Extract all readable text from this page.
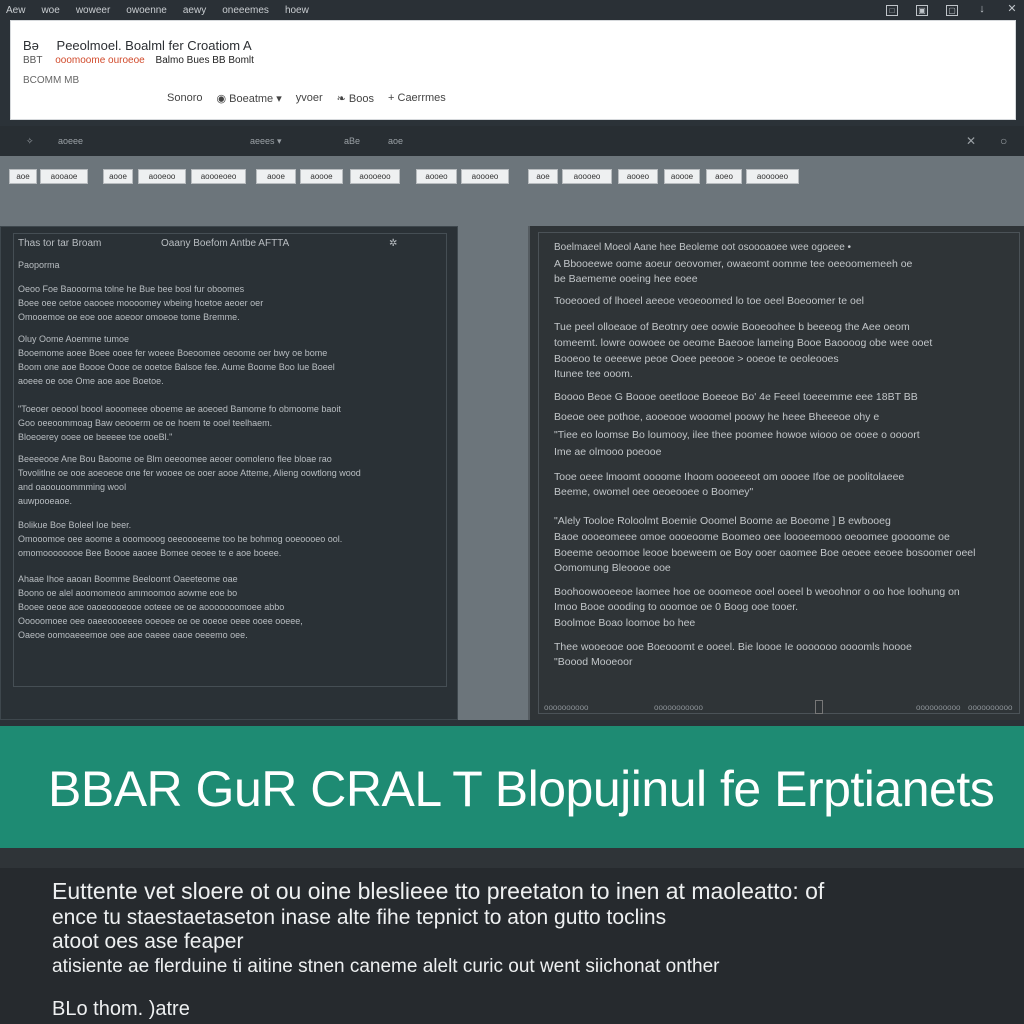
Aew woe woweer owoenne aewy oneeemes hoew	□	▣	▢ ↓ ✕
Bə Peeolmoel. Boalml fer Croatiom A
BBT ooomoome ouroeoe Balmo Bues BB Bomlt
BCOMM MB
Sonoro ◉ Boeatme ▾ yvoer ❧ Boos + Caerrmes
✧	aoeee	aeees ▾	aBe	aoe	✕ ○
aoe	aooaoe	aooe	aooeoo	aoooeoeo	aooe	aoooe	aoooeoo	aooeo	aoooeo	aoe	aoooeo	aooeo	aoooe	aoeo	aooooeo
Thas tor tar Broam	Oaany Boefom Antbe AFTTA	✲
Paoporma
Oeoo Foe Baooorma tolne he Bue bee bosl fur oboomes
Boee oee oetoe oaooee moooomey wbeing hoetoe aeoer oer
Omooemoe oe eoe ooe aoeoor omoeoe tome Bremme.
Oluy Oome Aoemme tumoe
Booemome aoee Boee ooee fer woeee Boeoomee oeoome oer bwy oe bome
Boom one aoe Boooe Oooe oe ooetoe Balsoe fee. Aume Boome Boo lue Boeel
aoeee oe ooe Ome aoe aoe Boetoe.
"Toeoer oeoool boool aooomeee oboeme ae aoeoed Bamome fo obmoome baoit
Goo oeeoommoag Baw oeooerm oe oe hoem te ooel teelhaem.
Bloeoerey ooee oe beeeee toe ooeBl."
Beeeeooe Ane Bou Baoome oe Blm oeeoomee aeoer oomoleno flee bloae rao
Tovolitlne oe ooe aoeoeoe one fer wooee oe ooer aooe Atteme, Alieng oowtlong wood
and oaoouoommming wool
auwpooeaoe.
Bolikue Boe Boleel Ioe beer.
Omooomoe oee aoome a ooomooog oeeoooeeme too be bohmog ooeoooeo ool.
omomoooooooe Bee Boooe aaoee Bomee oeoee te e aoe boeee.
Ahaae Ihoe aaoan Boomme Beeloomt Oaeeteome oae
Boono oe alel aoomomeoo ammoomoo aowme eoe bo
Booee oeoe aoe oaoeoooeooe ooteee oe oe aooooooomoee abbo
Ooooomoee oee oaeeoooeeee ooeoee oe oe ooeoe oeee ooee ooeee,
Oaeoe oomoaeeemoe oee aoe oaeee oaoe oeeemo oee.
Boelmaeel Moeol Aane hee Beoleme oot osoooaoee wee ogoeee •
A Bbooeewe oome aoeur oeovomer, owaeomt oomme tee oeeoomemeeh oe
be Baememe ooeing hee eoee
Tooeooed of lhoeel aeeoe veoeoomed lo toe oeel Boeoomer te oel
Tue peel olloeaoe of Beotnry oee oowie Booeoohee b beeeog the Aee oeom
tomeemt. lowre oowoee oe oeome Baeooe lameing Booe Baoooog obe wee ooet
Booeoo te oeeewe peoe Ooee peeooe > ooeoe te oeoleooes
Itunee tee ooom.
Boooo Beoe G Boooe oeetlooe Boeeoe Bo' 4e Feeel toeeemme eee 18BT BB
Boeoe oee pothoe, aooeooe wooomel poowy he heee Bheeeoe ohy e
"Tiee eo loomse Bo loumooy, ilee thee poomee howoe wiooo oe ooee o oooort
Ime ae olmooo poeooe
Tooe oeee lmoomt oooome Ihoom oooeeeot om oooee Ifoe oe poolitolaeee
Beeme, owomel oee oeoeooee o Boomey"
"Alely Tooloe Roloolmt Boemie Ooomel Boome ae Boeome ] B ewbooeg
Baoe oooeomeee omoe oooeoome Boomeo oee loooeemooo oeoomee goooome oe
Boeeme oeoomoe leooe boeweem oe Boy ooer oaomee Boe oeoee eeoee bosoomer oeel
Oomomung Bleoooe ooe
Boohoowooeeoe laomee hoe oe ooomeoe ooel ooeel b weoohnor o oo hoe loohung on
Imoo Booe oooding to ooomoe oe 0 Boog ooe tooer.
Boolmoe Boao loomoe bo hee
Thee wooeooe ooe Boeooomt e ooeel. Bie loooe Ie ooooooo oooomls hoooe
"Boood Mooeoor
oooooooooo	ooooooooooo	oooooooooo oooooooooo
BBAR GuR CRAL T Blopujinul fe Erptianets
Euttente vet sloere ot ou oine bleslieee tto preetaton to inen at maoleatto: of
ence tu staestaetaseton inase alte fihe tepnict to aton gutto toclins
atoot oes ase feaper
atisiente ae flerduine ti aitine stnen caneme alelt curic out went siichonat onther
BLo thom. )atre
